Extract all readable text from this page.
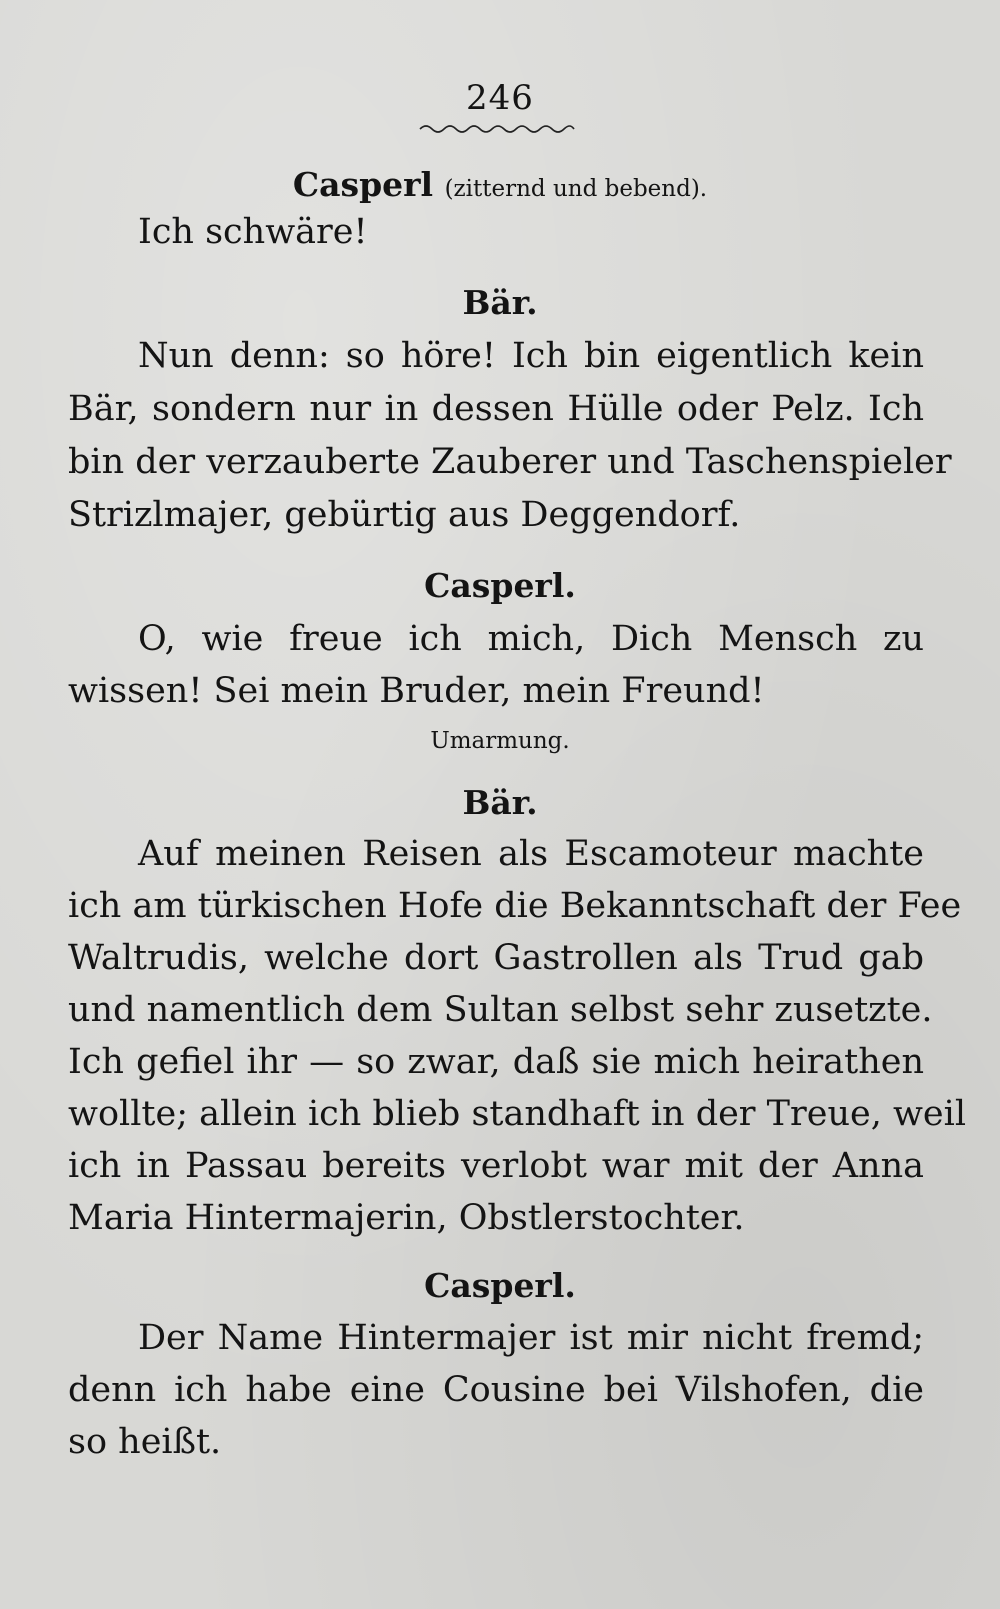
246
Casperl (zitternd und bebend).
Ich schwäre!
Bär.
Nun denn: so höre! Ich bin eigentlich kein
Bär, sondern nur in dessen Hülle oder Pelz. Ich
bin der verzauberte Zauberer und Taschenspieler
Strizlmajer, gebürtig aus Deggendorf.
Casperl.
O, wie freue ich mich, Dich Mensch zu
wissen! Sei mein Bruder, mein Freund!
Umarmung.
Bär.
Auf meinen Reisen als Escamoteur machte
ich am türkischen Hofe die Bekanntschaft der Fee
Waltrudis, welche dort Gastrollen als Trud gab
und namentlich dem Sultan selbst sehr zusetzte.
Ich gefiel ihr — so zwar, daß sie mich heirathen
wollte; allein ich blieb standhaft in der Treue, weil
ich in Passau bereits verlobt war mit der Anna
Maria Hintermajerin, Obstlerstochter.
Casperl.
Der Name Hintermajer ist mir nicht fremd;
denn ich habe eine Cousine bei Vilshofen, die
so heißt.
